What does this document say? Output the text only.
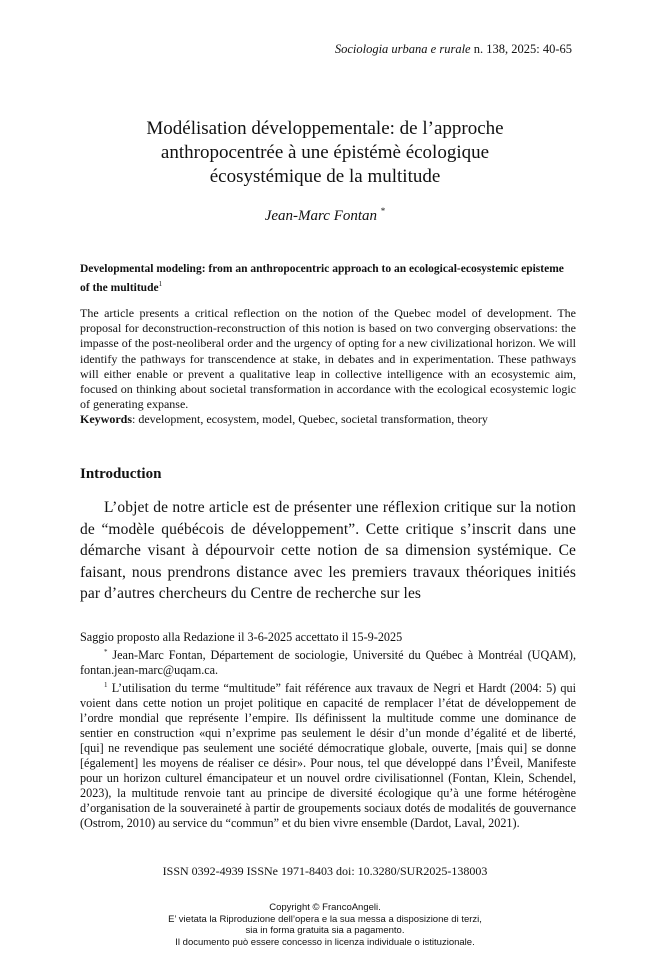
Sociologia urbana e rurale n. 138, 2025: 40-65
Modélisation développementale: de l’approche
anthropocentrée à une épistémè écologique
écosystémique de la multitude
Jean-Marc Fontan *
Developmental modeling: from an anthropocentric approach to an ecological-ecosystemic episteme of the multitude$^1$
The article presents a critical reflection on the notion of the Quebec model of development. The proposal for deconstruction-reconstruction of this notion is based on two converging observations: the impasse of the post-neoliberal order and the urgency of opting for a new civilizational horizon. We will identify the pathways for transcendence at stake, in debates and in experimentation. These pathways will either enable or prevent a qualitative leap in collective intelligence with an ecosystemic aim, focused on thinking about societal transformation in accordance with the ecological ecosystemic logic of generating expanse.
Keywords: development, ecosystem, model, Quebec, societal transformation, theory
Introduction
L’objet de notre article est de présenter une réflexion critique sur la notion de “modèle québécois de développement”. Cette critique s’inscrit dans une démarche visant à dépourvoir cette notion de sa dimension systémique. Ce faisant, nous prendrons distance avec les premiers travaux théoriques initiés par d’autres chercheurs du Centre de recherche sur les

Saggio proposto alla Redazione il 3-6-2025 accettato il 15-9-2025

* Jean-Marc Fontan, Département de sociologie, Université du Québec à Montréal (UQAM), fontan.jean-marc@uqam.ca.

$^1$ L’utilisation du terme “multitude” fait référence aux travaux de Negri et Hardt (2004: 5) qui voient dans cette notion un projet politique en capacité de remplacer l’état de développement de l’ordre mondial que représente l’empire. Ils définissent la multitude comme une dominance de sentier en construction «qui n’exprime pas seulement le désir d’un monde d’égalité et de liberté, [qui] ne revendique pas seulement une société démocratique globale, ouverte, [mais qui] se donne [également] les moyens de réaliser ce désir». Pour nous, tel que développé dans l’Éveil, Manifeste pour un horizon culturel émancipateur et un nouvel ordre civilisationnel (Fontan, Klein, Schendel, 2023), la multitude renvoie tant au principe de diversité écologique qu’à une forme hétérogène d’organisation de la souveraineté à partir de groupements sociaux dotés de modalités de gouvernance (Ostrom, 2010) au service du “commun” et du bien vivre ensemble (Dardot, Laval, 2021).

ISSN 0392-4939 ISSNe 1971-8403 doi: 10.3280/SUR2025-138003
Copyright © FrancoAngeli.
E’ vietata la Riproduzione dell’opera e la sua messa a disposizione di terzi,
sia in forma gratuita sia a pagamento.
Il documento può essere concesso in licenza individuale o istituzionale.
